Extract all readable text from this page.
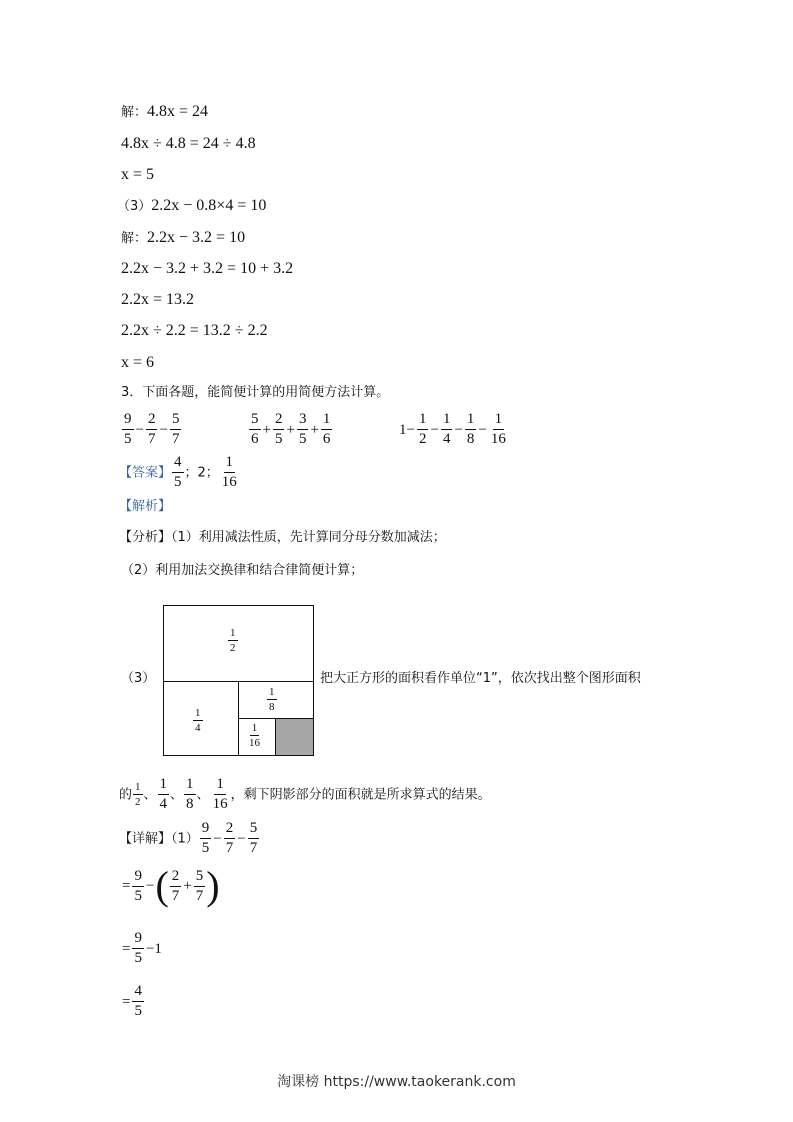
解：4.8x = 24
4.8x ÷ 4.8 = 24 ÷ 4.8
x = 5
（3）2.2x − 0.8×4 = 10
解：2.2x − 3.2 = 10
2.2x − 3.2 + 3.2 = 10 + 3.2
2.2x = 13.2
2.2x ÷ 2.2 = 13.2 ÷ 2.2
x = 6
3．下面各题，能简便计算的用简便方法计算。
$\frac{9}{5} - \frac{2}{7} - \frac{5}{7}$	$\frac{5}{6} + \frac{2}{5} + \frac{3}{5} + \frac{1}{6}$	$1- \frac{1}{2} - \frac{1}{4} - \frac{1}{8} - \frac{1}{16}$
【答案】 $\frac{4}{5}$ ；2； $\frac{1}{16}$
【解析】
【分析】（1）利用减法性质，先计算同分母分数加减法；
（2）利用加法交换律和结合律简便计算；
（3）
$\frac{1}{2}$
$\frac{1}{4}$
$\frac{1}{8}$
$\frac{1}{16}$
把大正方形的面积看作单位“1”，依次找出整个图形面积
的 $\frac{1}{2}$ 、 $\frac{1}{4}$ 、 $\frac{1}{8}$ 、 $\frac{1}{16}$ ，剩下阴影部分的面积就是所求算式的结果。
【详解】$(1) \frac{9}{5} - \frac{2}{7} - \frac{5}{7}$
= $\frac{9}{5}$ −( $\frac{2}{7} + \frac{5}{7}$ )
= $\frac{9}{5} -1$
= $\frac{4}{5}$
淘课榜 https://www.taokerank.com
